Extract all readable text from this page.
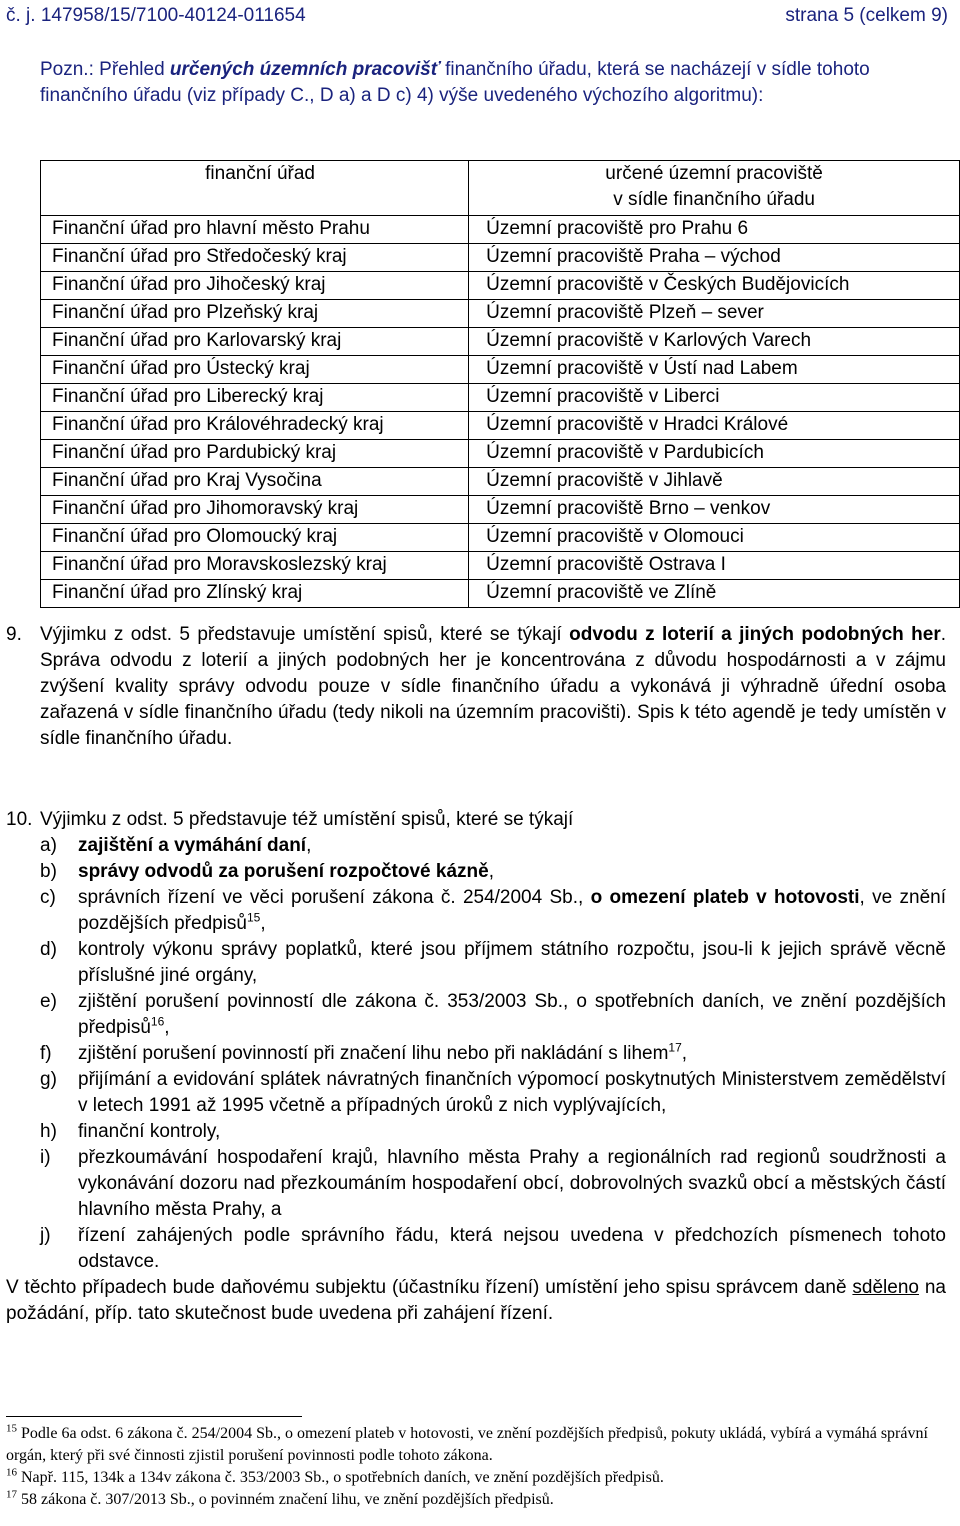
č. j. 147958/15/7100-40124-011654	strana 5 (celkem 9)

Pozn.: Přehled určených územních pracovišť finančního úřadu, která se nacházejí v sídle tohoto finančního úřadu (viz případy C., D a) a D c) 4) výše uvedeného výchozího algoritmu):

finanční úřad	určené územní pracoviště
v sídle finančního úřadu
Finanční úřad pro hlavní město Prahu	Územní pracoviště pro Prahu 6
Finanční úřad pro Středočeský kraj	Územní pracoviště Praha – východ
Finanční úřad pro Jihočeský kraj	Územní pracoviště v Českých Budějovicích
Finanční úřad pro Plzeňský kraj	Územní pracoviště Plzeň – sever
Finanční úřad pro Karlovarský kraj	Územní pracoviště v Karlových Varech
Finanční úřad pro Ústecký kraj	Územní pracoviště v Ústí nad Labem
Finanční úřad pro Liberecký kraj	Územní pracoviště v Liberci
Finanční úřad pro Královéhradecký kraj	Územní pracoviště v Hradci Králové
Finanční úřad pro Pardubický kraj	Územní pracoviště v Pardubicích
Finanční úřad pro Kraj Vysočina	Územní pracoviště v Jihlavě
Finanční úřad pro Jihomoravský kraj	Územní pracoviště Brno – venkov
Finanční úřad pro Olomoucký kraj	Územní pracoviště v Olomouci
Finanční úřad pro Moravskoslezský kraj	Územní pracoviště Ostrava I
Finanční úřad pro Zlínský kraj	Územní pracoviště ve Zlíně
9. Výjimku z odst. 5 představuje umístění spisů, které se týkají odvodu z loterií a jiných podobných her. Správa odvodu z loterií a jiných podobných her je koncentrována z důvodu hospodárnosti a v zájmu zvýšení kvality správy odvodu pouze v sídle finančního úřadu a vykonává ji výhradně úřední osoba zařazená v sídle finančního úřadu (tedy nikoli na územním pracovišti). Spis k této agendě je tedy umístěn v sídle finančního úřadu.

10. Výjimku z odst. 5 představuje též umístění spisů, které se týkají

a) zajištění a vymáhání daní,
b) správy odvodů za porušení rozpočtové kázně,
c) správních řízení ve věci porušení zákona č. 254/2004 Sb., o omezení plateb v hotovosti, ve znění pozdějších předpisů$^{15}$,
d) kontroly výkonu správy poplatků, které jsou příjmem státního rozpočtu, jsou-li k jejich správě věcně příslušné jiné orgány,
e) zjištění porušení povinností dle zákona č. 353/2003 Sb., o spotřebních daních, ve znění pozdějších předpisů$^{16}$,
f) zjištění porušení povinností při značení lihu nebo při nakládání s lihem$^{17}$,
g) přijímání a evidování splátek návratných finančních výpomocí poskytnutých Ministerstvem zemědělství v letech 1991 až 1995 včetně a případných úroků z nich vyplývajících,
h) finanční kontroly,
i) přezkoumávání hospodaření krajů, hlavního města Prahy a regionálních rad regionů soudržnosti a vykonávání dozoru nad přezkoumáním hospodaření obcí, dobrovolných svazků obcí a městských částí hlavního města Prahy, a
j) řízení zahájených podle správního řádu, která nejsou uvedena v předchozích písmenech tohoto odstavce.

V těchto případech bude daňovému subjektu (účastníku řízení) umístění jeho spisu správcem daně sděleno na požádání, příp. tato skutečnost bude uvedena při zahájení řízení.

$^{15}$ Podle 6a odst. 6 zákona č. 254/2004 Sb., o omezení plateb v hotovosti, ve znění pozdějších předpisů, pokuty ukládá, vybírá a vymáhá správní orgán, který při své činnosti zjistil porušení povinnosti podle tohoto zákona.

$^{16}$ Např. 115, 134k a 134v zákona č. 353/2003 Sb., o spotřebních daních, ve znění pozdějších předpisů.

$^{17}$ 58 zákona č. 307/2013 Sb., o povinném značení lihu, ve znění pozdějších předpisů.
